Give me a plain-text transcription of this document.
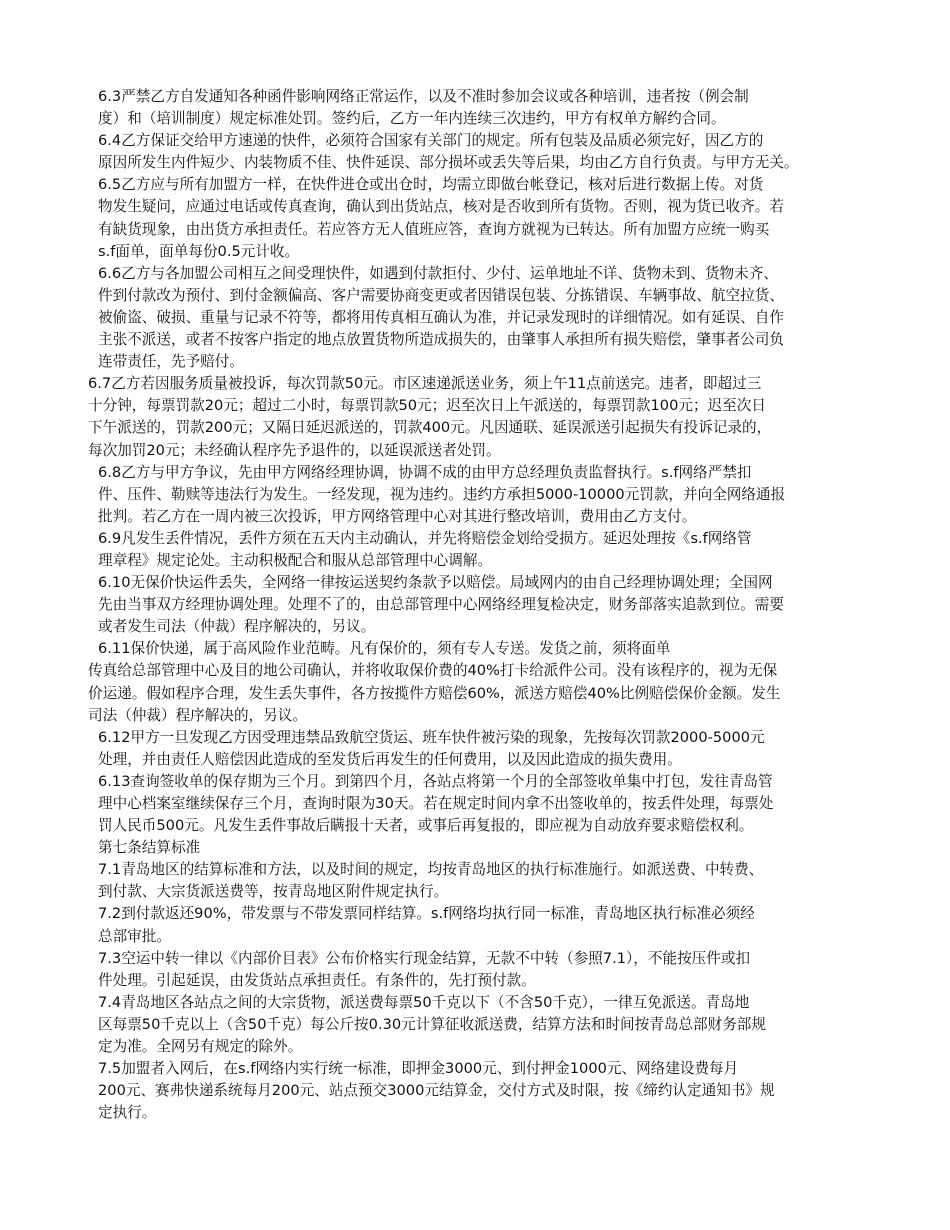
6.3严禁乙方自发通知各种函件影响网络正常运作，以及不准时参加会议或各种培训，违者按（例会制
度）和（培训制度）规定标准处罚。签约后，乙方一年内连续三次违约，甲方有权单方解约合同。
6.4乙方保证交给甲方速递的快件，必须符合国家有关部门的规定。所有包装及品质必须完好，因乙方的
原因所发生内件短少、内装物质不佳、快件延误、部分损坏或丢失等后果，均由乙方自行负责。与甲方无关。
6.5乙方应与所有加盟方一样，在快件进仓或出仓时，均需立即做台帐登记，核对后进行数据上传。对货
物发生疑问，应通过电话或传真查询，确认到出货站点，核对是否收到所有货物。否则，视为货已收齐。若
有缺货现象，由出货方承担责任。若应答方无人值班应答，查询方就视为已转达。所有加盟方应统一购买
s.f面单，面单每份0.5元计收。
6.6乙方与各加盟公司相互之间受理快件，如遇到付款拒付、少付、运单地址不详、货物未到、货物未齐、
件到付款改为预付、到付金额偏高、客户需要协商变更或者因错误包装、分拣错误、车辆事故、航空拉货、
被偷盗、破损、重量与记录不符等，都将用传真相互确认为准，并记录发现时的详细情况。如有延误、自作
主张不派送，或者不按客户指定的地点放置货物所造成损失的，由肇事人承担所有损失赔偿，肇事者公司负
连带责任，先予赔付。
6.7乙方若因服务质量被投诉，每次罚款50元。市区速递派送业务，须上午11点前送完。违者，即超过三
十分钟，每票罚款20元；超过二小时，每票罚款50元；迟至次日上午派送的，每票罚款100元；迟至次日
下午派送的，罚款200元；又隔日延迟派送的，罚款400元。凡因通联、延误派送引起损失有投诉记录的，
每次加罚20元；未经确认程序先予退件的，以延误派送者处罚。
6.8乙方与甲方争议，先由甲方网络经理协调，协调不成的由甲方总经理负责监督执行。s.f网络严禁扣
件、压件、勒赎等违法行为发生。一经发现，视为违约。违约方承担5000-10000元罚款，并向全网络通报
批判。若乙方在一周内被三次投诉，甲方网络管理中心对其进行整改培训，费用由乙方支付。
6.9凡发生丢件情况，丢件方须在五天内主动确认，并先将赔偿金划给受损方。延迟处理按《s.f网络管
理章程》规定论处。主动积极配合和服从总部管理中心调解。
6.10无保价快运件丢失，全网络一律按运送契约条款予以赔偿。局域网内的由自己经理协调处理；全国网
先由当事双方经理协调处理。处理不了的，由总部管理中心网络经理复检决定，财务部落实追款到位。需要
或者发生司法（仲裁）程序解决的，另议。
6.11保价快递，属于高风险作业范畴。凡有保价的，须有专人专送。发货之前，须将面单
传真给总部管理中心及目的地公司确认，并将收取保价费的40%打卡给派件公司。没有该程序的，视为无保
价运递。假如程序合理，发生丢失事件，各方按揽件方赔偿60%，派送方赔偿40%比例赔偿保价金额。发生
司法（仲裁）程序解决的，另议。
6.12甲方一旦发现乙方因受理违禁品致航空货运、班车快件被污染的现象，先按每次罚款2000-5000元
处理，并由责任人赔偿因此造成的至发货后再发生的任何费用，以及因此造成的损失费用。
6.13查询签收单的保存期为三个月。到第四个月，各站点将第一个月的全部签收单集中打包，发往青岛管
理中心档案室继续保存三个月，查询时限为30天。若在规定时间内拿不出签收单的，按丢件处理，每票处
罚人民币500元。凡发生丢件事故后瞒报十天者，或事后再复报的，即应视为自动放弃要求赔偿权利。
第七条结算标准
7.1青岛地区的结算标准和方法，以及时间的规定，均按青岛地区的执行标准施行。如派送费、中转费、
到付款、大宗货派送费等，按青岛地区附件规定执行。
7.2到付款返还90%，带发票与不带发票同样结算。s.f网络均执行同一标准，青岛地区执行标准必须经
总部审批。
7.3空运中转一律以《内部价目表》公布价格实行现金结算，无款不中转（参照7.1），不能按压件或扣
件处理。引起延误，由发货站点承担责任。有条件的，先打预付款。
7.4青岛地区各站点之间的大宗货物，派送费每票50千克以下（不含50千克），一律互免派送。青岛地
区每票50千克以上（含50千克）每公斤按0.30元计算征收派送费，结算方法和时间按青岛总部财务部规
定为准。全网另有规定的除外。
7.5加盟者入网后，在s.f网络内实行统一标准，即押金3000元、到付押金1000元、网络建设费每月
200元、赛弗快递系统每月200元、站点预交3000元结算金，交付方式及时限，按《缔约认定通知书》规
定执行。
